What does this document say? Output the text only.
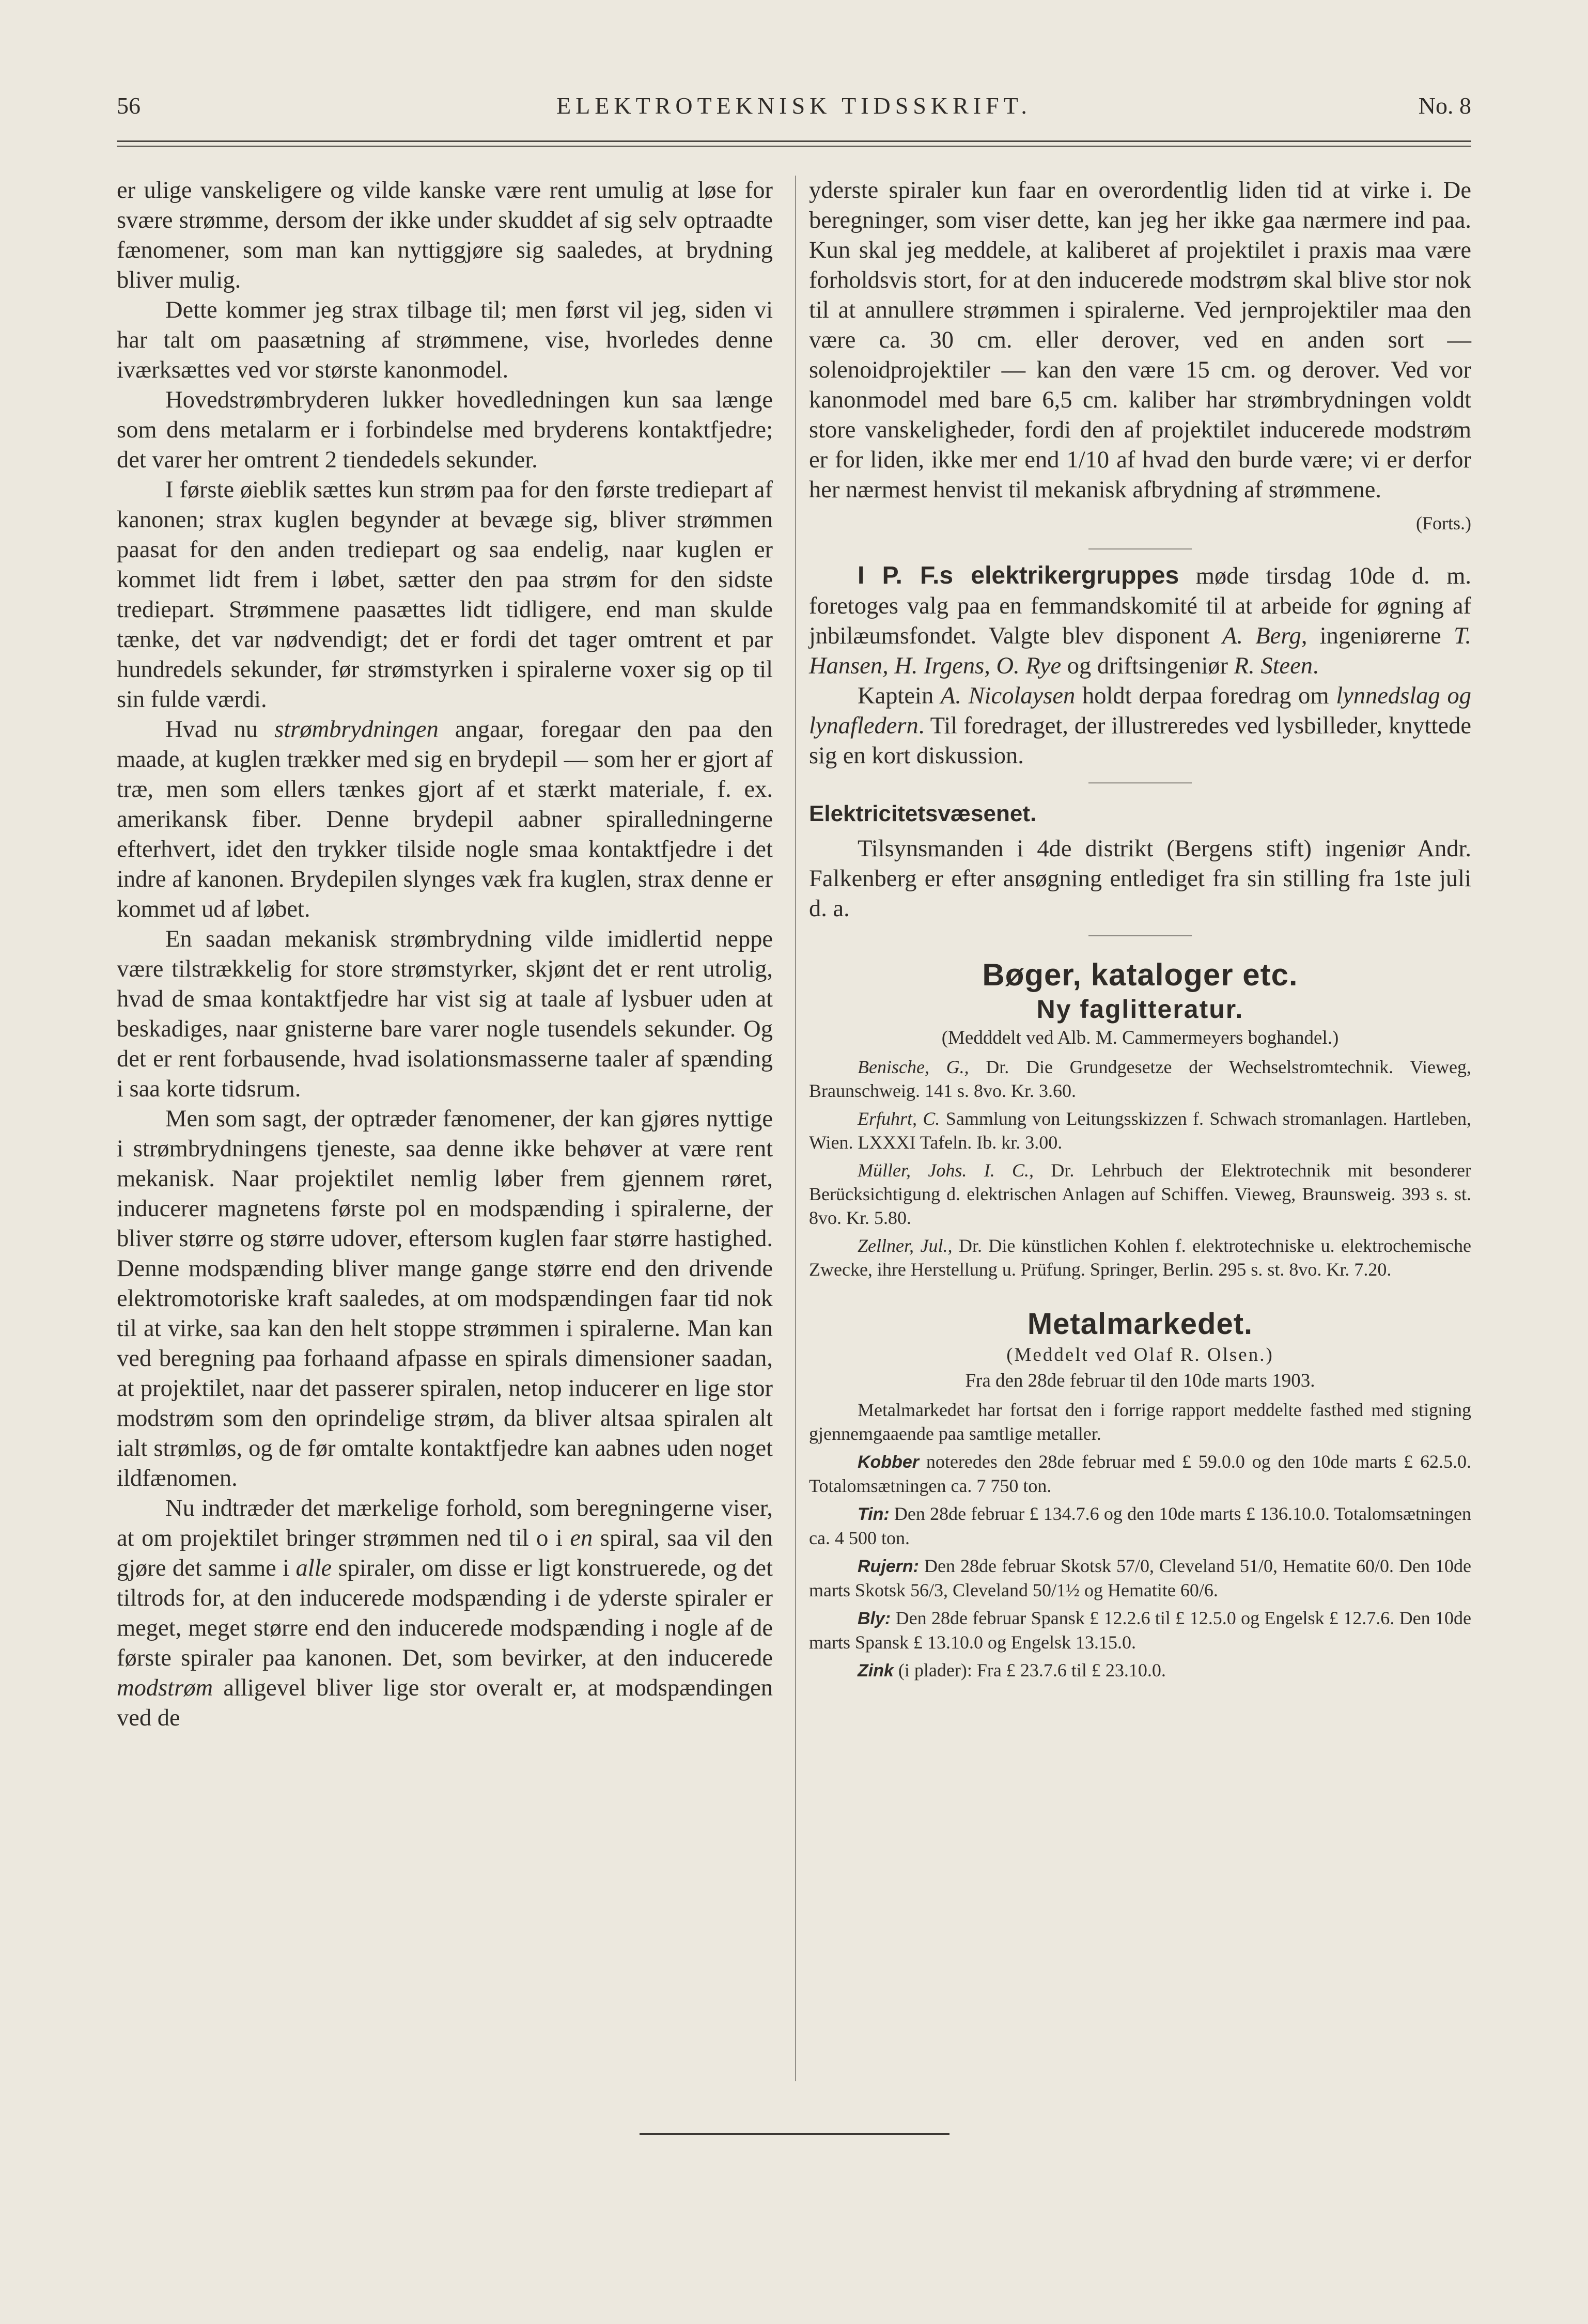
56	ELEKTROTEKNISK TIDSSKRIFT.	No. 8

er ulige vanskeligere og vilde kanske være rent umulig at løse for svære strømme, dersom der ikke under skuddet af sig selv optraadte fænomener, som man kan nyttiggjøre sig saaledes, at brydning bliver mulig.

Dette kommer jeg strax tilbage til; men først vil jeg, siden vi har talt om paasætning af strømmene, vise, hvorledes denne iværksættes ved vor største kanonmodel.

Hovedstrømbryderen lukker hovedledningen kun saa længe som dens metalarm er i forbindelse med bryderens kontaktfjedre; det varer her omtrent 2 tiendedels sekunder.

I første øieblik sættes kun strøm paa for den første trediepart af kanonen; strax kuglen begynder at bevæge sig, bliver strømmen paasat for den anden trediepart og saa endelig, naar kuglen er kommet lidt frem i løbet, sætter den paa strøm for den sidste trediepart. Strømmene paasættes lidt tidligere, end man skulde tænke, det var nødvendigt; det er fordi det tager omtrent et par hundredels sekunder, før strømstyrken i spiralerne voxer sig op til sin fulde værdi.

Hvad nu strømbrydningen angaar, foregaar den paa den maade, at kuglen trækker med sig en brydepil — som her er gjort af træ, men som ellers tænkes gjort af et stærkt materiale, f. ex. amerikansk fiber. Denne brydepil aabner spiralledningerne efterhvert, idet den trykker tilside nogle smaa kontaktfjedre i det indre af kanonen. Brydepilen slynges væk fra kuglen, strax denne er kommet ud af løbet.

En saadan mekanisk strømbrydning vilde imidlertid neppe være tilstrækkelig for store strømstyrker, skjønt det er rent utrolig, hvad de smaa kontaktfjedre har vist sig at taale af lysbuer uden at beskadiges, naar gnisterne bare varer nogle tusendels sekunder. Og det er rent forbausende, hvad isolationsmasserne taaler af spænding i saa korte tidsrum.

Men som sagt, der optræder fænomener, der kan gjøres nyttige i strømbrydningens tjeneste, saa denne ikke behøver at være rent mekanisk. Naar projektilet nemlig løber frem gjennem røret, inducerer magnetens første pol en modspænding i spiralerne, der bliver større og større udover, eftersom kuglen faar større hastighed. Denne modspænding bliver mange gange større end den drivende elektromotoriske kraft saaledes, at om modspændingen faar tid nok til at virke, saa kan den helt stoppe strømmen i spiralerne. Man kan ved beregning paa forhaand afpasse en spirals dimensioner saadan, at projektilet, naar det passerer spiralen, netop inducerer en lige stor modstrøm som den oprindelige strøm, da bliver altsaa spiralen alt ialt strømløs, og de før omtalte kontaktfjedre kan aabnes uden noget ildfænomen.

Nu indtræder det mærkelige forhold, som beregningerne viser, at om projektilet bringer strømmen ned til o i en spiral, saa vil den gjøre det samme i alle spiraler, om disse er ligt konstruerede, og det tiltrods for, at den inducerede modspænding i de yderste spiraler er meget, meget større end den inducerede modspænding i nogle af de første spiraler paa kanonen. Det, som bevirker, at den inducerede modstrøm alligevel bliver lige stor overalt er, at modspændingen ved de

yderste spiraler kun faar en overordentlig liden tid at virke i. De beregninger, som viser dette, kan jeg her ikke gaa nærmere ind paa. Kun skal jeg meddele, at kaliberet af projektilet i praxis maa være forholdsvis stort, for at den inducerede modstrøm skal blive stor nok til at annullere strømmen i spiralerne. Ved jernprojektiler maa den være ca. 30 cm. eller derover, ved en anden sort — solenoidprojektiler — kan den være 15 cm. og derover. Ved vor kanonmodel med bare 6,5 cm. kaliber har strømbrydningen voldt store vanskeligheder, fordi den af projektilet inducerede modstrøm er for liden, ikke mer end 1/10 af hvad den burde være; vi er derfor her nærmest henvist til mekanisk afbrydning af strømmene.

(Forts.)

I P. F.s elektrikergruppes møde tirsdag 10de d. m. foretoges valg paa en femmandskomité til at arbeide for øgning af jnbilæumsfondet. Valgte blev disponent A. Berg, ingeniørerne T. Hansen, H. Irgens, O. Rye og driftsingeniør R. Steen.

Kaptein A. Nicolaysen holdt derpaa foredrag om lynnedslag og lynafledern. Til foredraget, der illustreredes ved lysbilleder, knyttede sig en kort diskussion.

Elektricitetsvæsenet.

Tilsynsmanden i 4de distrikt (Bergens stift) ingeniør Andr. Falkenberg er efter ansøgning entlediget fra sin stilling fra 1ste juli d. a.

Bøger, kataloger etc.
Ny faglitteratur.
(Medddelt ved Alb. M. Cammermeyers boghandel.)
Benische, G., Dr. Die Grundgesetze der Wechselstromtechnik. Vieweg, Braunschweig. 141 s. 8vo. Kr. 3.60.
Erfuhrt, C. Sammlung von Leitungsskizzen f. Schwach stromanlagen. Hartleben, Wien. LXXXI Tafeln. Ib. kr. 3.00.
Müller, Johs. I. C., Dr. Lehrbuch der Elektrotechnik mit besonderer Berücksichtigung d. elektrischen Anlagen auf Schiffen. Vieweg, Braunsweig. 393 s. st. 8vo. Kr. 5.80.
Zellner, Jul., Dr. Die künstlichen Kohlen f. elektrotechniske u. elektrochemische Zwecke, ihre Herstellung u. Prüfung. Springer, Berlin. 295 s. st. 8vo. Kr. 7.20.
Metalmarkedet.
(Meddelt ved Olaf R. Olsen.)
Fra den 28de februar til den 10de marts 1903.
Metalmarkedet har fortsat den i forrige rapport meddelte fasthed med stigning gjennemgaaende paa samtlige metaller.
Kobber noteredes den 28de februar med £ 59.0.0 og den 10de marts £ 62.5.0. Totalomsætningen ca. 7 750 ton.
Tin: Den 28de februar £ 134.7.6 og den 10de marts £ 136.10.0. Totalomsætningen ca. 4 500 ton.
Rujern: Den 28de februar Skotsk 57/0, Cleveland 51/0, Hematite 60/0. Den 10de marts Skotsk 56/3, Cleveland 50/1½ og Hematite 60/6.
Bly: Den 28de februar Spansk £ 12.2.6 til £ 12.5.0 og Engelsk £ 12.7.6. Den 10de marts Spansk £ 13.10.0 og Engelsk 13.15.0.
Zink (i plader): Fra £ 23.7.6 til £ 23.10.0.
